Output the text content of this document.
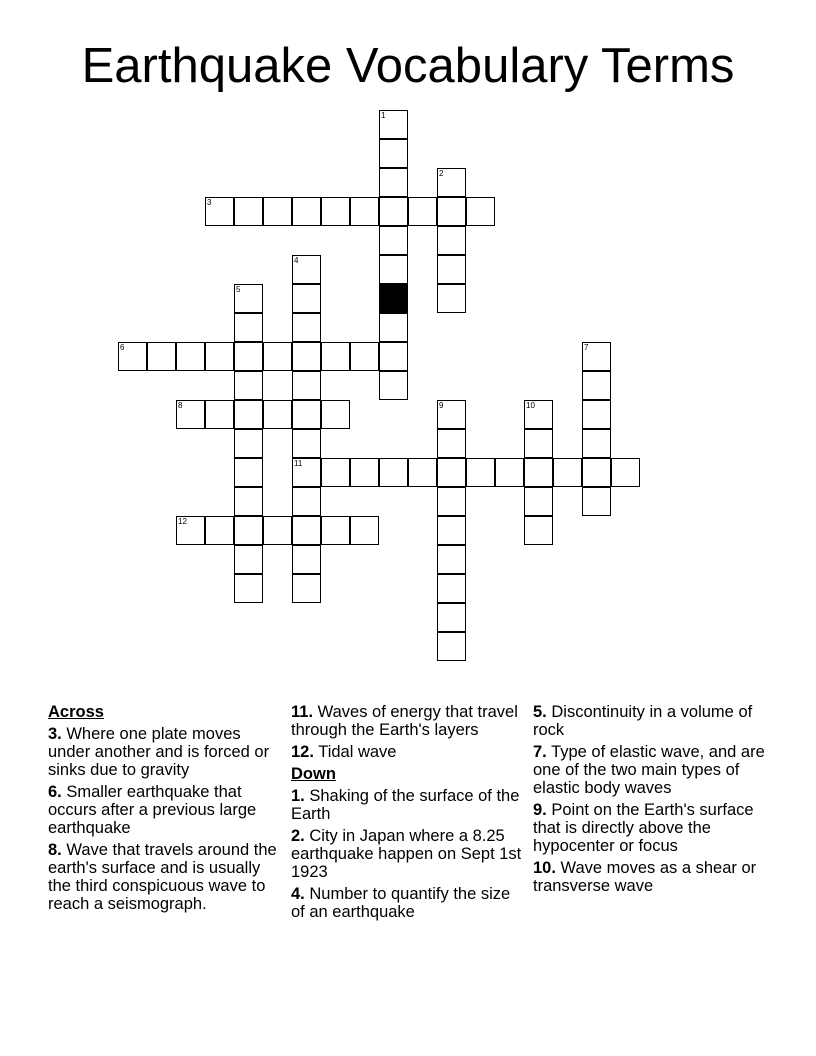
Earthquake Vocabulary Terms
1
2
3
4
11
5
6	7
8	9	10
12
Across
3. Where one plate moves under another and is forced or sinks due to gravity
6. Smaller earthquake that occurs after a previous large earthquake
8. Wave that travels around the earth's surface and is usually the third conspicuous wave to reach a seismograph.
11. Waves of energy that travel through the Earth's layers
12. Tidal wave
Down
1. Shaking of the surface of the Earth
2. City in Japan where a 8.25 earthquake happen on Sept 1st 1923
4. Number to quantify the size of an earthquake
5. Discontinuity in a volume of rock
7. Type of elastic wave, and are one of the two main types of elastic body waves
9. Point on the Earth's surface that is directly above the hypocenter or focus
10. Wave moves as a shear or transverse wave
